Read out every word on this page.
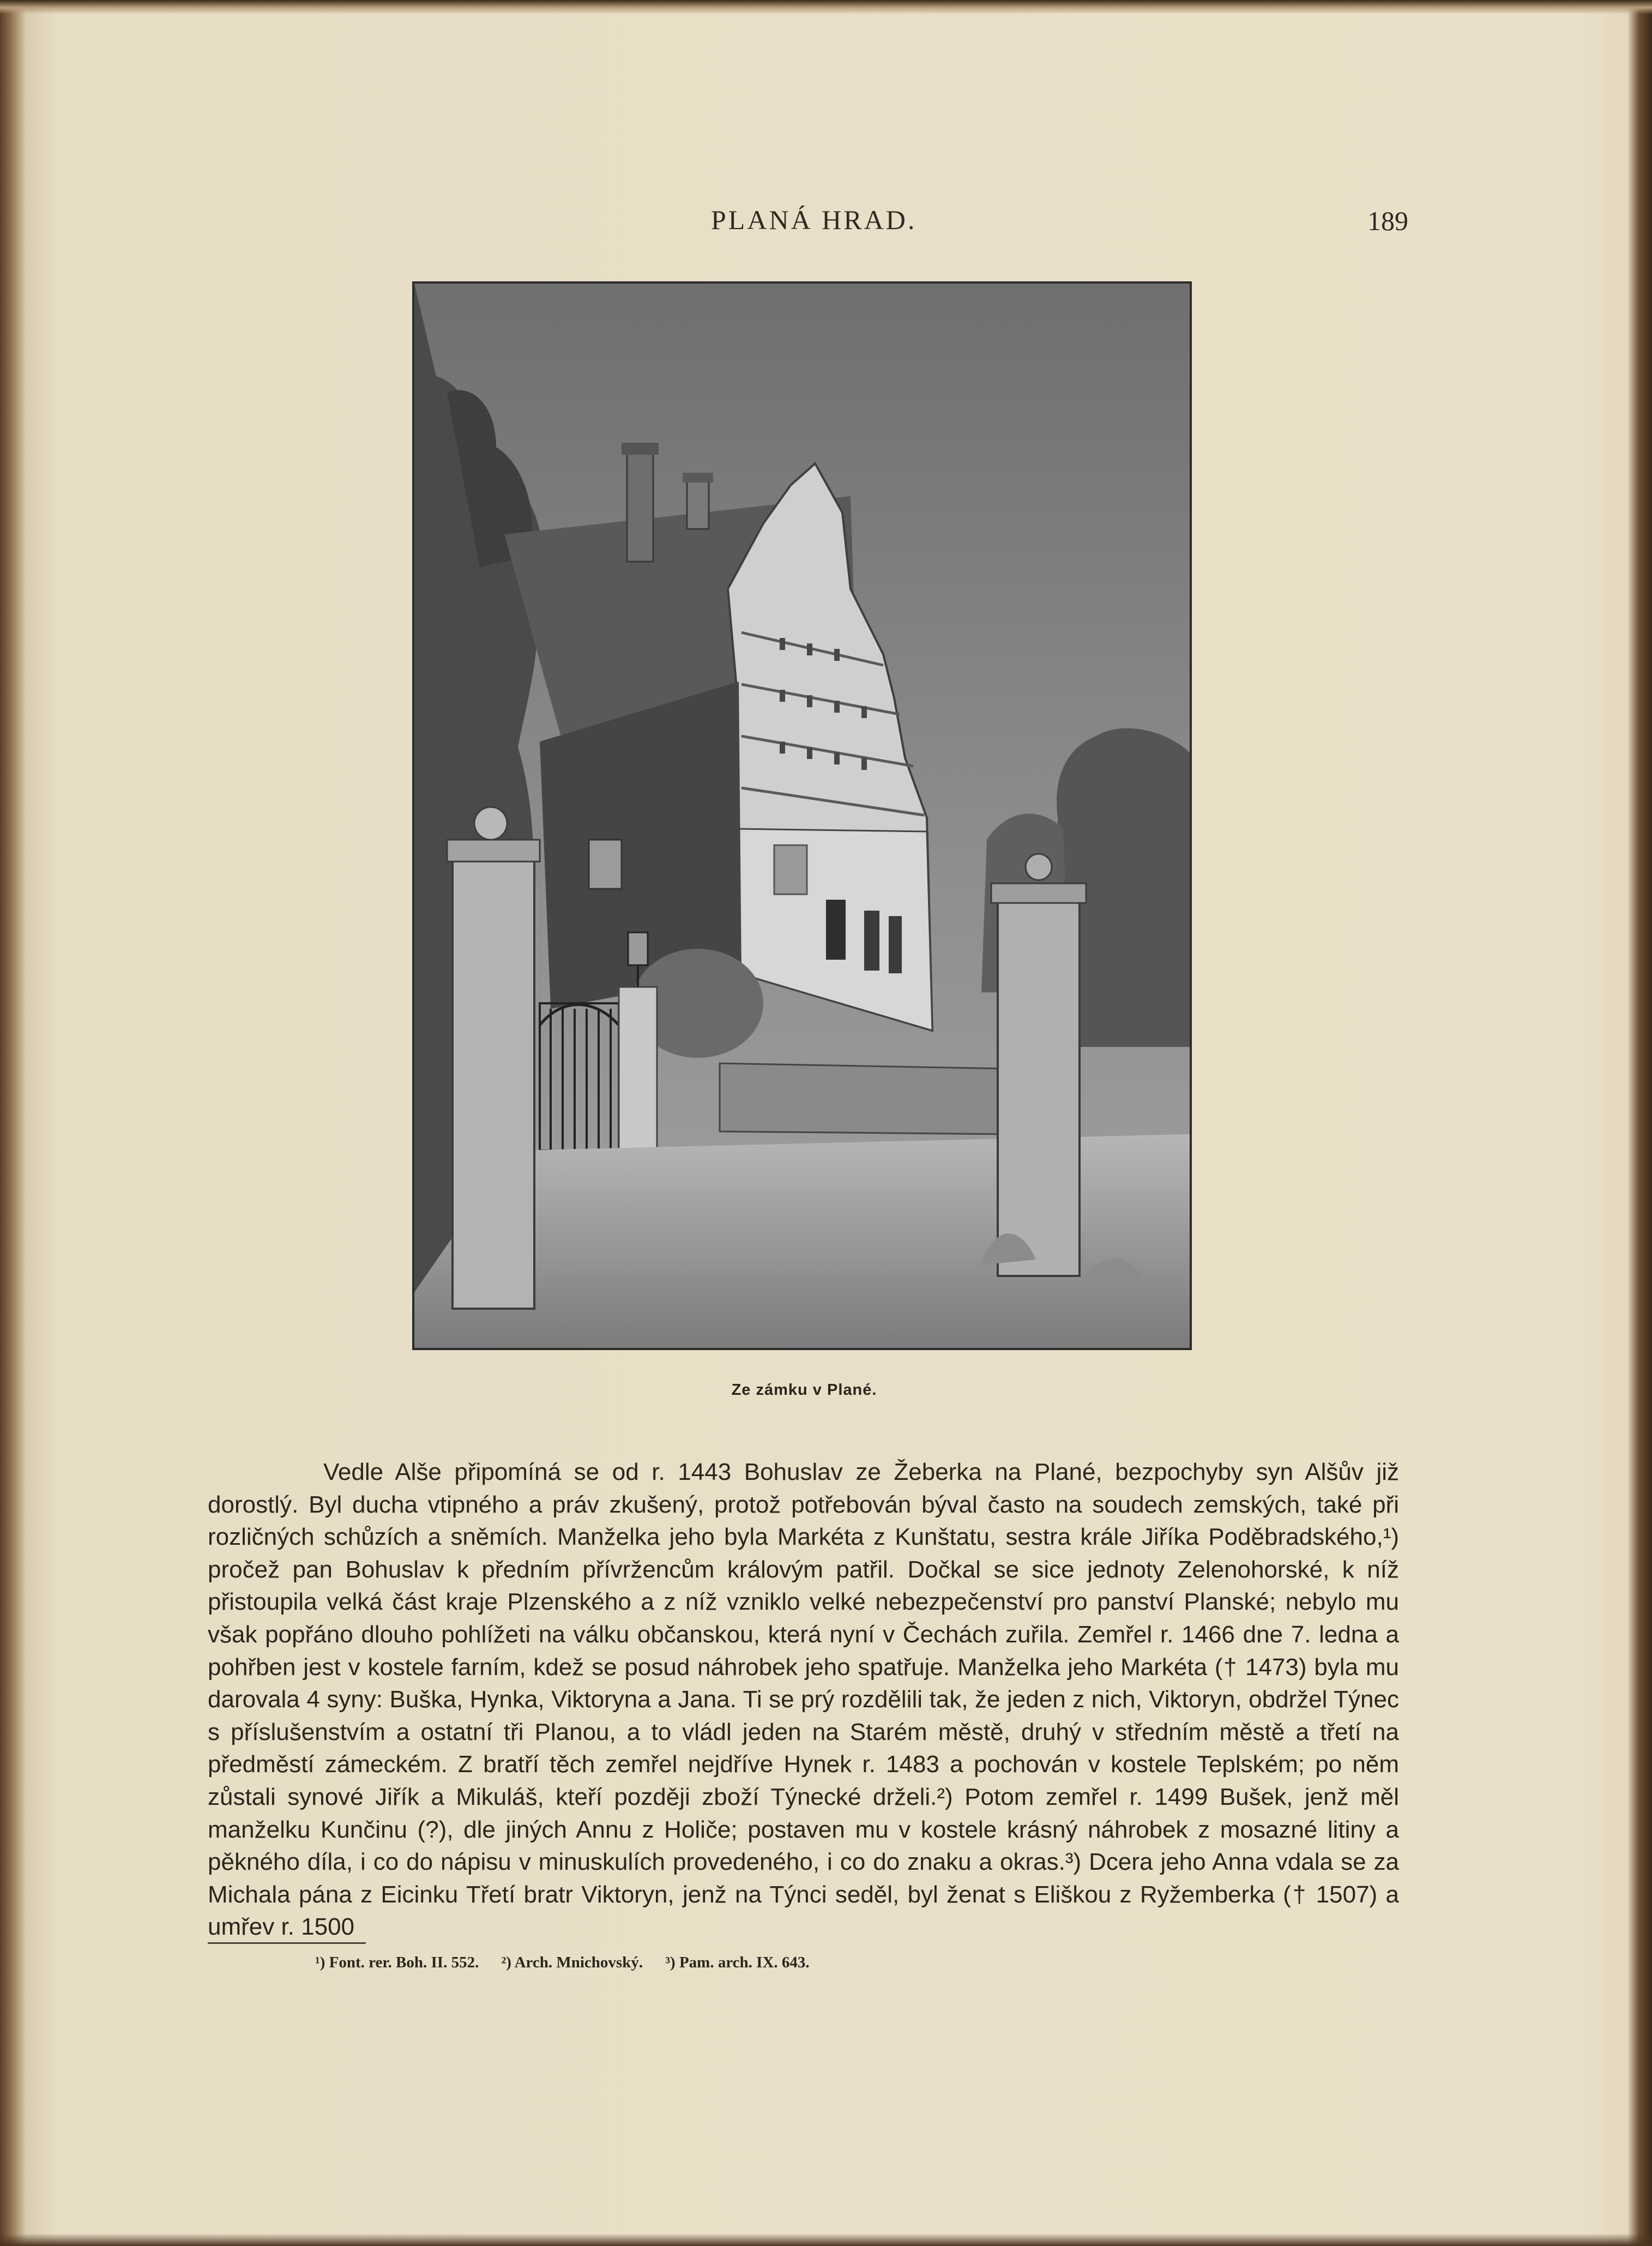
PLANÁ HRAD.	189
Ze zámku v Plané.

Vedle Alše připomíná se od r. 1443 Bohuslav ze Žeberka na Plané, bezpochyby syn Alšův již dorostlý. Byl ducha vtipného a práv zkušený, protož potřebován býval často na soudech zemských, také při rozličných schůzích a sněmích. Manželka jeho byla Markéta z Kunštatu, sestra krále Jiříka Poděbradského,¹) pročež pan Bohuslav k předním přívržencům královým patřil. Dočkal se sice jednoty Zelenohorské, k níž přistoupila velká část kraje Plzenského a z níž vzniklo velké nebezpečenství pro panství Planské; nebylo mu však popřáno dlouho pohlížeti na válku občanskou, která nyní v Čechách zuřila. Zemřel r. 1466 dne 7. ledna a pohřben jest v kostele farním, kdež se posud náhrobek jeho spatřuje. Manželka jeho Markéta († 1473) byla mu darovala 4 syny: Buška, Hynka, Viktoryna a Jana. Ti se prý rozdělili tak, že jeden z nich, Viktoryn, obdržel Týnec s příslušenstvím a ostatní tři Planou, a to vládl jeden na Starém městě, druhý v středním městě a třetí na předměstí zámeckém. Z bratří těch zemřel nejdříve Hynek r. 1483 a pochován v kostele Teplském; po něm zůstali synové Jiřík a Mikuláš, kteří později zboží Týnecké drželi.²) Potom zemřel r. 1499 Bušek, jenž měl manželku Kunčinu (?), dle jiných Annu z Holiče; postaven mu v kostele krásný náhrobek z mosazné litiny a pěkného díla, i co do nápisu v minuskulích provedeného, i co do znaku a okras.³) Dcera jeho Anna vdala se za Michala pána z Eicinku Třetí bratr Viktoryn, jenž na Týnci seděl, byl ženat s Eliškou z Ryžemberka († 1507) a umřev r. 1500

¹) Font. rer. Boh. II. 552. ²) Arch. Mnichovský. ³) Pam. arch. IX. 643.
